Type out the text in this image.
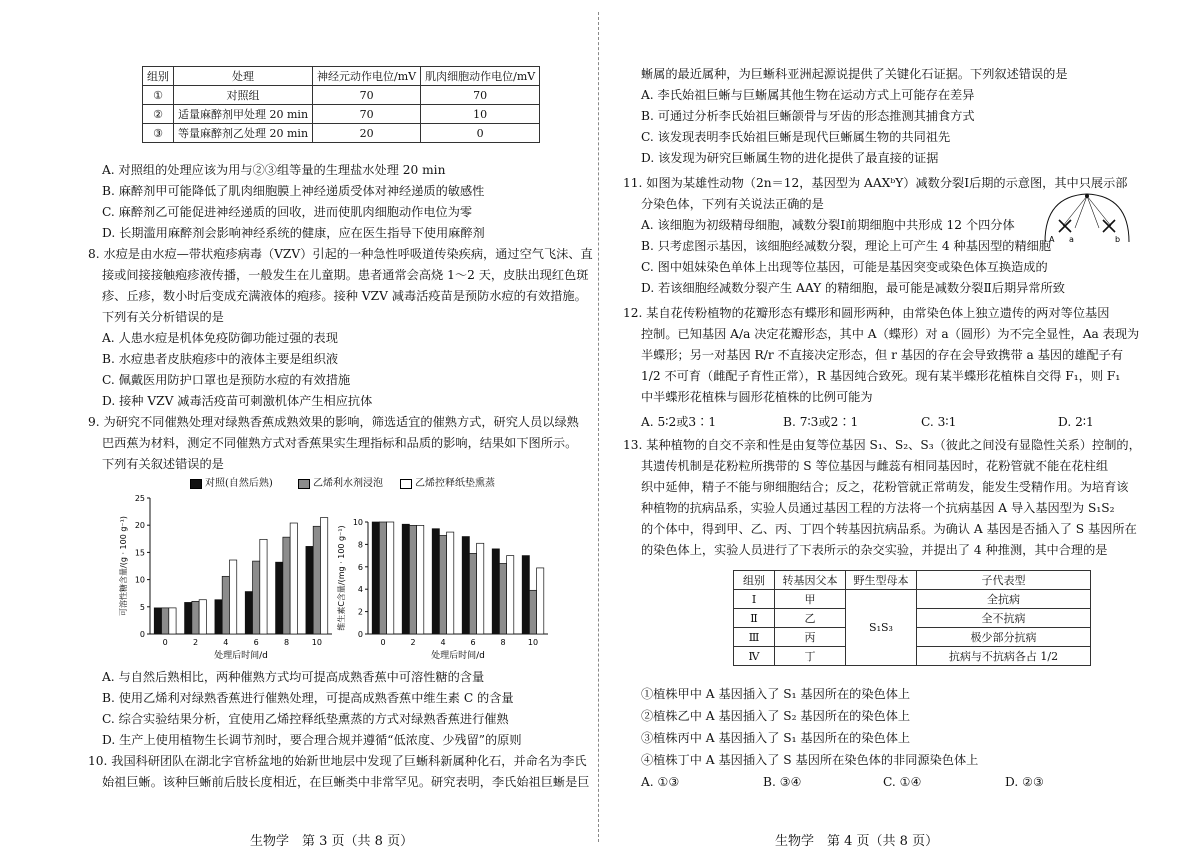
组别	处理	神经元动作电位/mV	肌肉细胞动作电位/mV
①	对照组	70	70
②	适量麻醉剂甲处理 20 min	70	10
③	等量麻醉剂乙处理 20 min	20	0
A. 对照组的处理应该为用与②③组等量的生理盐水处理 20 min
B. 麻醉剂甲可能降低了肌肉细胞膜上神经递质受体对神经递质的敏感性
C. 麻醉剂乙可能促进神经递质的回收，进而使肌肉细胞动作电位为零
D. 长期滥用麻醉剂会影响神经系统的健康，应在医生指导下使用麻醉剂
8. 水痘是由水痘—带状疱疹病毒（VZV）引起的一种急性呼吸道传染疾病，通过空气飞沫、直
接或间接接触疱疹液传播，一般发生在儿童期。患者通常会高烧 1～2 天，皮肤出现红色斑
疹、丘疹，数小时后变成充满液体的疱疹。接种 VZV 减毒活疫苗是预防水痘的有效措施。
下列有关分析错误的是
A. 人患水痘是机体免疫防御功能过强的表现
B. 水痘患者皮肤疱疹中的液体主要是组织液
C. 佩戴医用防护口罩也是预防水痘的有效措施
D. 接种 VZV 减毒活疫苗可刺激机体产生相应抗体
9. 为研究不同催熟处理对绿熟香蕉成熟效果的影响，筛选适宜的催熟方式，研究人员以绿熟
巴西蕉为材料，测定不同催熟方式对香蕉果实生理指标和品质的影响，结果如下图所示。
下列有关叙述错误的是
对照(自然后熟)	乙烯利水剂浸泡	乙烯控释纸垫熏蒸
0
5
10
15
20
25
0	2	4	6	8	10
处理后时间/d
可溶性糖含量/(g · 100 g⁻¹)
0
2
4
6
8
10
0	2	4	6	8	10
处理后时间/d
维生素C含量/(mg · 100 g⁻¹)
A. 与自然后熟相比，两种催熟方式均可提高成熟香蕉中可溶性糖的含量
B. 使用乙烯利对绿熟香蕉进行催熟处理，可提高成熟香蕉中维生素 C 的含量
C. 综合实验结果分析，宜使用乙烯控释纸垫熏蒸的方式对绿熟香蕉进行催熟
D. 生产上使用植物生长调节剂时，要合理合规并遵循“低浓度、少残留”的原则
10. 我国科研团队在湖北字官桥盆地的始新世地层中发现了巨蜥科新属种化石，并命名为李氏
始祖巨蜥。该种巨蜥前后肢长度相近，在巨蜥类中非常罕见。研究表明，李氏始祖巨蜥是巨
生物学　第 3 页（共 8 页）
蜥属的最近属种，为巨蜥科亚洲起源说提供了关键化石证据。下列叙述错误的是
A. 李氏始祖巨蜥与巨蜥属其他生物在运动方式上可能存在差异
B. 可通过分析李氏始祖巨蜥颌骨与牙齿的形态推测其捕食方式
C. 该发现表明李氏始祖巨蜥是现代巨蜥属生物的共同祖先
D. 该发现为研究巨蜥属生物的进化提供了最直接的证据
11. 如图为某雄性动物（2n＝12，基因型为 AAXᵇY）减数分裂Ⅰ后期的示意图，其中只展示部
分染色体，下列有关说法正确的是
A. 该细胞为初级精母细胞，减数分裂Ⅰ前期细胞中共形成 12 个四分体
B. 只考虑图示基因，该细胞经减数分裂，理论上可产生 4 种基因型的精细胞
C. 图中姐妹染色单体上出现等位基因，可能是基因突变或染色体互换造成的
D. 若该细胞经减数分裂产生 AAY 的精细胞，最可能是减数分裂Ⅱ后期异常所致
A a	b
12. 某自花传粉植物的花瓣形态有蝶形和圆形两种，由常染色体上独立遗传的两对等位基因
控制。已知基因 A/a 决定花瓣形态，其中 A（蝶形）对 a（圆形）为不完全显性，Aa 表现为
半蝶形；另一对基因 R/r 不直接决定形态，但 r 基因的存在会导致携带 a 基因的雄配子有
1/2 不可育（雌配子育性正常），R 基因纯合致死。现有某半蝶形花植株自交得 F₁，则 F₁
中半蝶形花植株与圆形花植株的比例可能为
A. 5∶2或3∶1	B. 7∶3或2∶1	C. 3∶1	D. 2∶1
13. 某种植物的自交不亲和性是由复等位基因 S₁、S₂、S₃（彼此之间没有显隐性关系）控制的，
其遗传机制是花粉粒所携带的 S 等位基因与雌蕊有相同基因时，花粉管就不能在花柱组
织中延伸，精子不能与卵细胞结合；反之，花粉管就正常萌发，能发生受精作用。为培育该
种植物的抗病品系，实验人员通过基因工程的方法将一个抗病基因 A 导入基因型为 S₁S₂
的个体中，得到甲、乙、丙、丁四个转基因抗病品系。为确认 A 基因是否插入了 S 基因所在
的染色体上，实验人员进行了下表所示的杂交实验，并提出了 4 种推测，其中合理的是
组别	转基因父本	野生型母本	子代表型
Ⅰ	甲	S₁S₃	全抗病
Ⅱ	乙		全不抗病
Ⅲ	丙		极少部分抗病
Ⅳ	丁		抗病与不抗病各占 1/2
①植株甲中 A 基因插入了 S₁ 基因所在的染色体上
②植株乙中 A 基因插入了 S₂ 基因所在的染色体上
③植株丙中 A 基因插入了 S₁ 基因所在的染色体上
④植株丁中 A 基因插入了 S 基因所在染色体的非同源染色体上
A. ①③	B. ③④	C. ①④	D. ②③
生物学　第 4 页（共 8 页）
